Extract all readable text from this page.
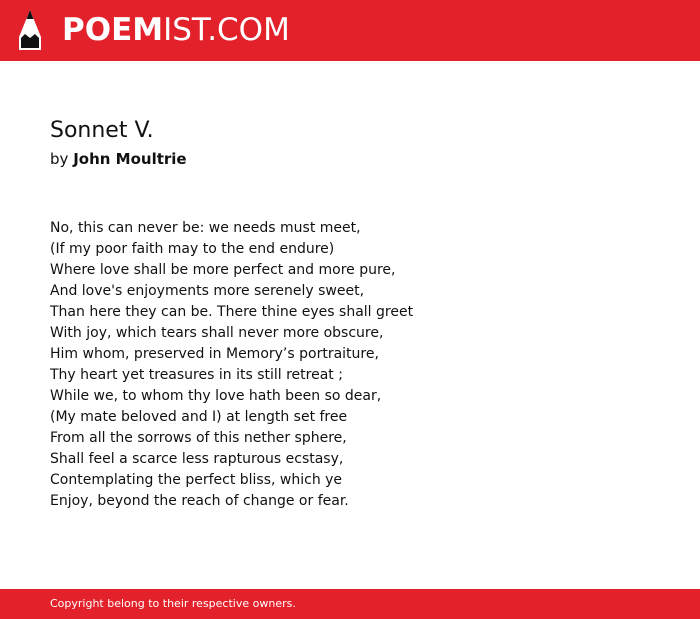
POEMIST.COM
Sonnet V.
by John Moultrie
No, this can never be: we needs must meet,
(If my poor faith may to the end endure)
Where love shall be more perfect and more pure,
And love's enjoyments more serenely sweet,
Than here they can be. There thine eyes shall greet
With joy, which tears shall never more obscure,
Him whom, preserved in Memory’s portraiture,
Thy heart yet treasures in its still retreat ;
While we, to whom thy love hath been so dear,
(My mate beloved and I) at length set free
From all the sorrows of this nether sphere,
Shall feel a scarce less rapturous ecstasy,
Contemplating the perfect bliss, which ye
Enjoy, beyond the reach of change or fear.
Copyright belong to their respective owners.
